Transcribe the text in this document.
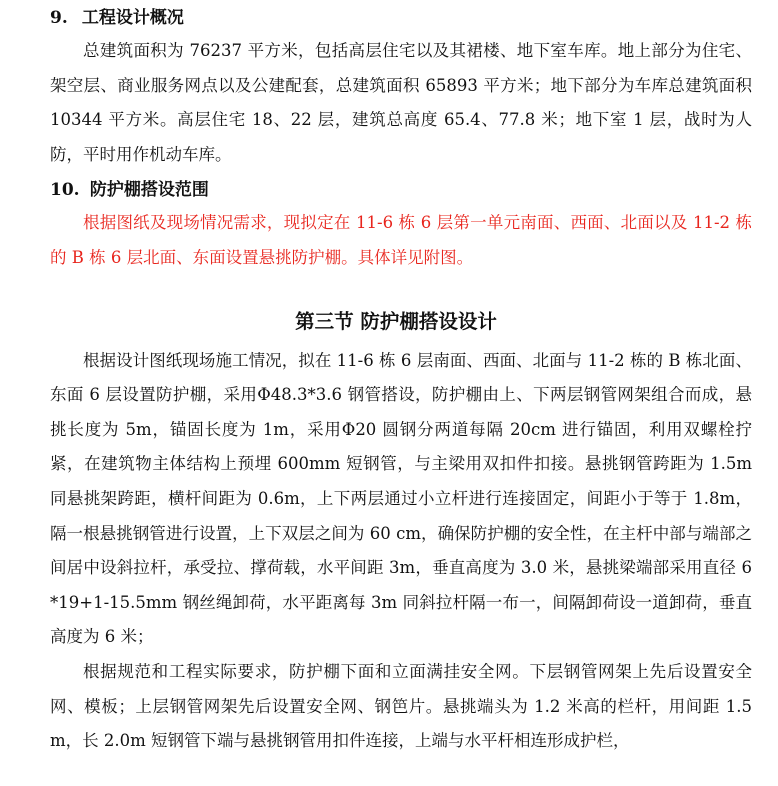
9. 工程设计概况

总建筑面积为 76237 平方米，包括高层住宅以及其裙楼、地下室车库。地上部分为住宅、架空层、商业服务网点以及公建配套，总建筑面积 65893 平方米；地下部分为车库总建筑面积 10344 平方米。高层住宅 18、22 层，建筑总高度 65.4、77.8 米；地下室 1 层，战时为人防，平时用作机动车库。

10. 防护棚搭设范围

根据图纸及现场情况需求，现拟定在 11-6 栋 6 层第一单元南面、西面、北面以及 11-2 栋的 B 栋 6 层北面、东面设置悬挑防护棚。具体详见附图。

第三节 防护棚搭设设计

根据设计图纸现场施工情况，拟在 11-6 栋 6 层南面、西面、北面与 11-2 栋的 B 栋北面、东面 6 层设置防护棚，采用Φ48.3*3.6 钢管搭设，防护棚由上、下两层钢管网架组合而成，悬挑长度为 5m，锚固长度为 1m，采用Φ20 圆钢分两道每隔 20cm 进行锚固，利用双螺栓拧紧，在建筑物主体结构上预埋 600mm 短钢管，与主梁用双扣件扣接。悬挑钢管跨距为 1.5m 同悬挑架跨距，横杆间距为 0.6m，上下两层通过小立杆进行连接固定，间距小于等于 1.8m，隔一根悬挑钢管进行设置，上下双层之间为 60 cm，确保防护棚的安全性，在主杆中部与端部之间居中设斜拉杆，承受拉、撑荷载，水平间距 3m，垂直高度为 3.0 米，悬挑梁端部采用直径 6*19+1-15.5mm 钢丝绳卸荷，水平距离每 3m 同斜拉杆隔一布一，间隔卸荷设一道卸荷，垂直高度为 6 米；

根据规范和工程实际要求，防护棚下面和立面满挂安全网。下层钢管网架上先后设置安全网、模板；上层钢管网架先后设置安全网、钢笆片。悬挑端头为 1.2 米高的栏杆，用间距 1.5m，长 2.0m 短钢管下端与悬挑钢管用扣件连接，上端与水平杆相连形成护栏，
